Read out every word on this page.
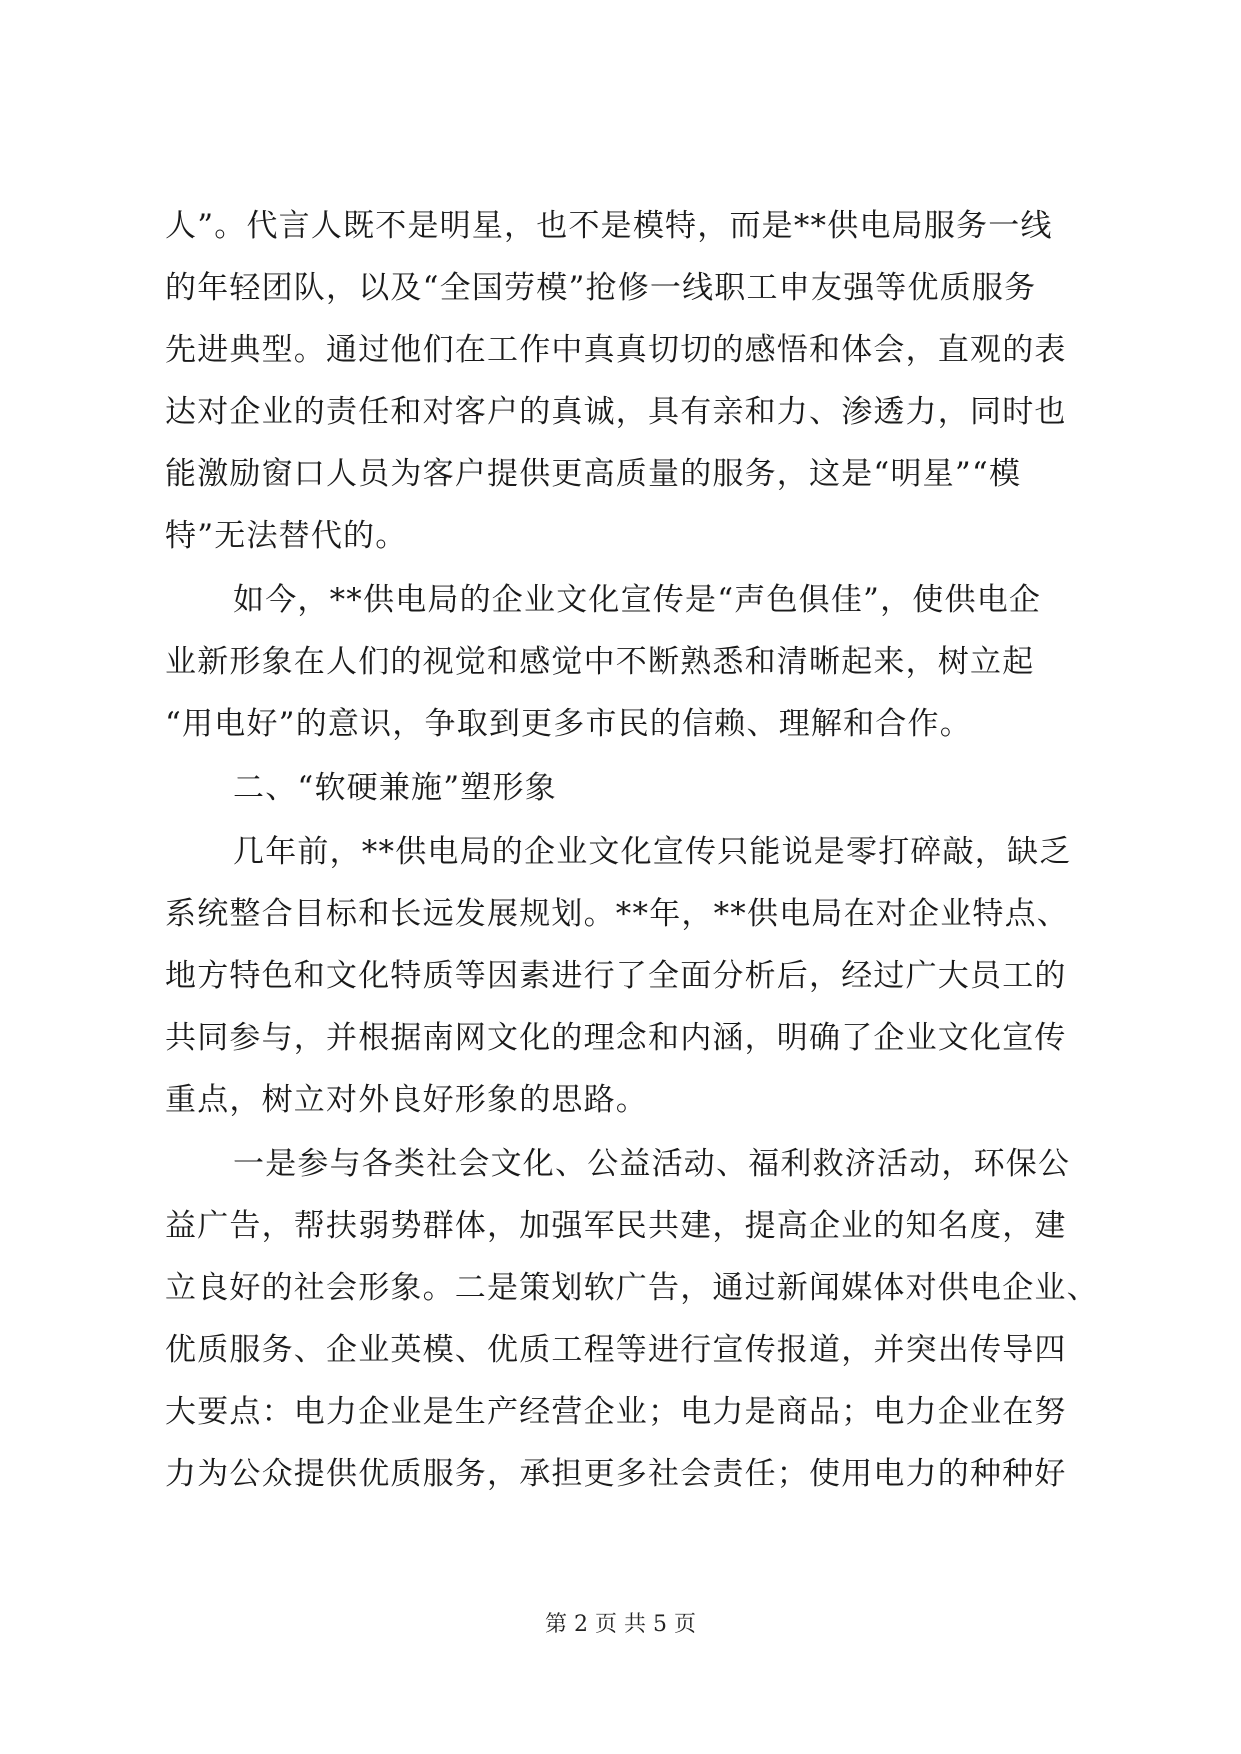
人”。代言人既不是明星，也不是模特，而是**供电局服务一线
的年轻团队，以及“全国劳模”抢修一线职工申友强等优质服务
先进典型。通过他们在工作中真真切切的感悟和体会，直观的表
达对企业的责任和对客户的真诚，具有亲和力、渗透力，同时也
能激励窗口人员为客户提供更高质量的服务，这是“明星”“模
特”无法替代的。
如今，**供电局的企业文化宣传是“声色俱佳”，使供电企
业新形象在人们的视觉和感觉中不断熟悉和清晰起来，树立起
“用电好”的意识，争取到更多市民的信赖、理解和合作。
二、“软硬兼施”塑形象
几年前，**供电局的企业文化宣传只能说是零打碎敲，缺乏
系统整合目标和长远发展规划。**年，**供电局在对企业特点、
地方特色和文化特质等因素进行了全面分析后，经过广大员工的
共同参与，并根据南网文化的理念和内涵，明确了企业文化宣传
重点，树立对外良好形象的思路。
一是参与各类社会文化、公益活动、福利救济活动，环保公
益广告，帮扶弱势群体，加强军民共建，提高企业的知名度，建
立良好的社会形象。二是策划软广告，通过新闻媒体对供电企业、
优质服务、企业英模、优质工程等进行宣传报道，并突出传导四
大要点：电力企业是生产经营企业；电力是商品；电力企业在努
力为公众提供优质服务，承担更多社会责任；使用电力的种种好
第 2 页 共 5 页
